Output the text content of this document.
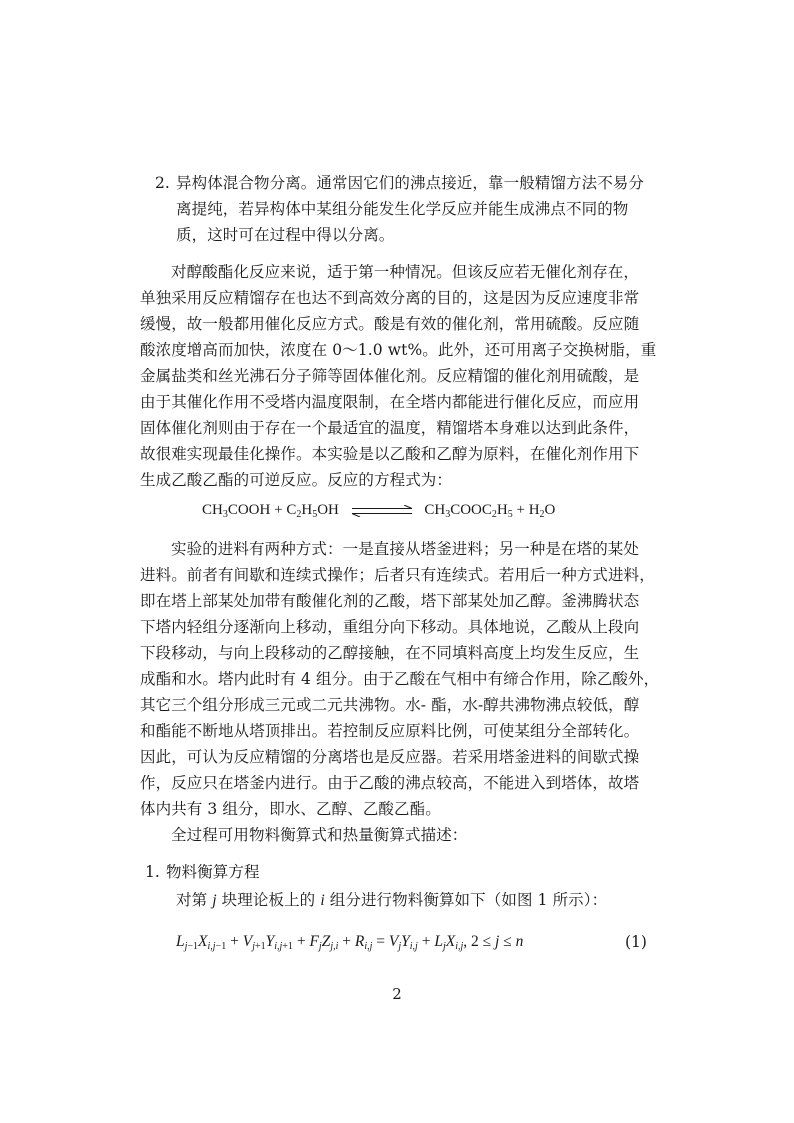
2. 异构体混合物分离。通常因它们的沸点接近，靠一般精馏方法不易分
离提纯，若异构体中某组分能发生化学反应并能生成沸点不同的物
质，这时可在过程中得以分离。
对醇酸酯化反应来说，适于第一种情况。但该反应若无催化剂存在，
单独采用反应精馏存在也达不到高效分离的目的，这是因为反应速度非常
缓慢，故一般都用催化反应方式。酸是有效的催化剂，常用硫酸。反应随
酸浓度增高而加快，浓度在 0～1.0 wt%。此外，还可用离子交换树脂，重
金属盐类和丝光沸石分子筛等固体催化剂。反应精馏的催化剂用硫酸，是
由于其催化作用不受塔内温度限制，在全塔内都能进行催化反应，而应用
固体催化剂则由于存在一个最适宜的温度，精馏塔本身难以达到此条件，
故很难实现最佳化操作。本实验是以乙酸和乙醇为原料，在催化剂作用下
生成乙酸乙酯的可逆反应。反应的方程式为：
$CH_3COOH + C_2H_5OH$	$CH_3COOC_2H_5 + H_2O$
实验的进料有两种方式：一是直接从塔釜进料；另一种是在塔的某处
进料。前者有间歇和连续式操作；后者只有连续式。若用后一种方式进料，
即在塔上部某处加带有酸催化剂的乙酸，塔下部某处加乙醇。釜沸腾状态
下塔内轻组分逐渐向上移动，重组分向下移动。具体地说，乙酸从上段向
下段移动，与向上段移动的乙醇接触，在不同填料高度上均发生反应，生
成酯和水。塔内此时有 4 组分。由于乙酸在气相中有缔合作用，除乙酸外，
其它三个组分形成三元或二元共沸物。水- 酯，水-醇共沸物沸点较低，醇
和酯能不断地从塔顶排出。若控制反应原料比例，可使某组分全部转化。
因此，可认为反应精馏的分离塔也是反应器。若采用塔釜进料的间歇式操
作，反应只在塔釜内进行。由于乙酸的沸点较高，不能进入到塔体，故塔
体内共有 3 组分，即水、乙醇、乙酸乙酯。
全过程可用物料衡算式和热量衡算式描述：
1. 物料衡算方程
对第 j 块理论板上的 i 组分进行物料衡算如下（如图 1 所示）：
$L_{j-1}X_{i,j-1} + V_{j+1}Y_{i,j+1} + F_jZ_{j,i} + R_{i,j} = V_jY_{i,j} + L_jX_{i,j}$, 2 ≤ j ≤ n	(1)
2
